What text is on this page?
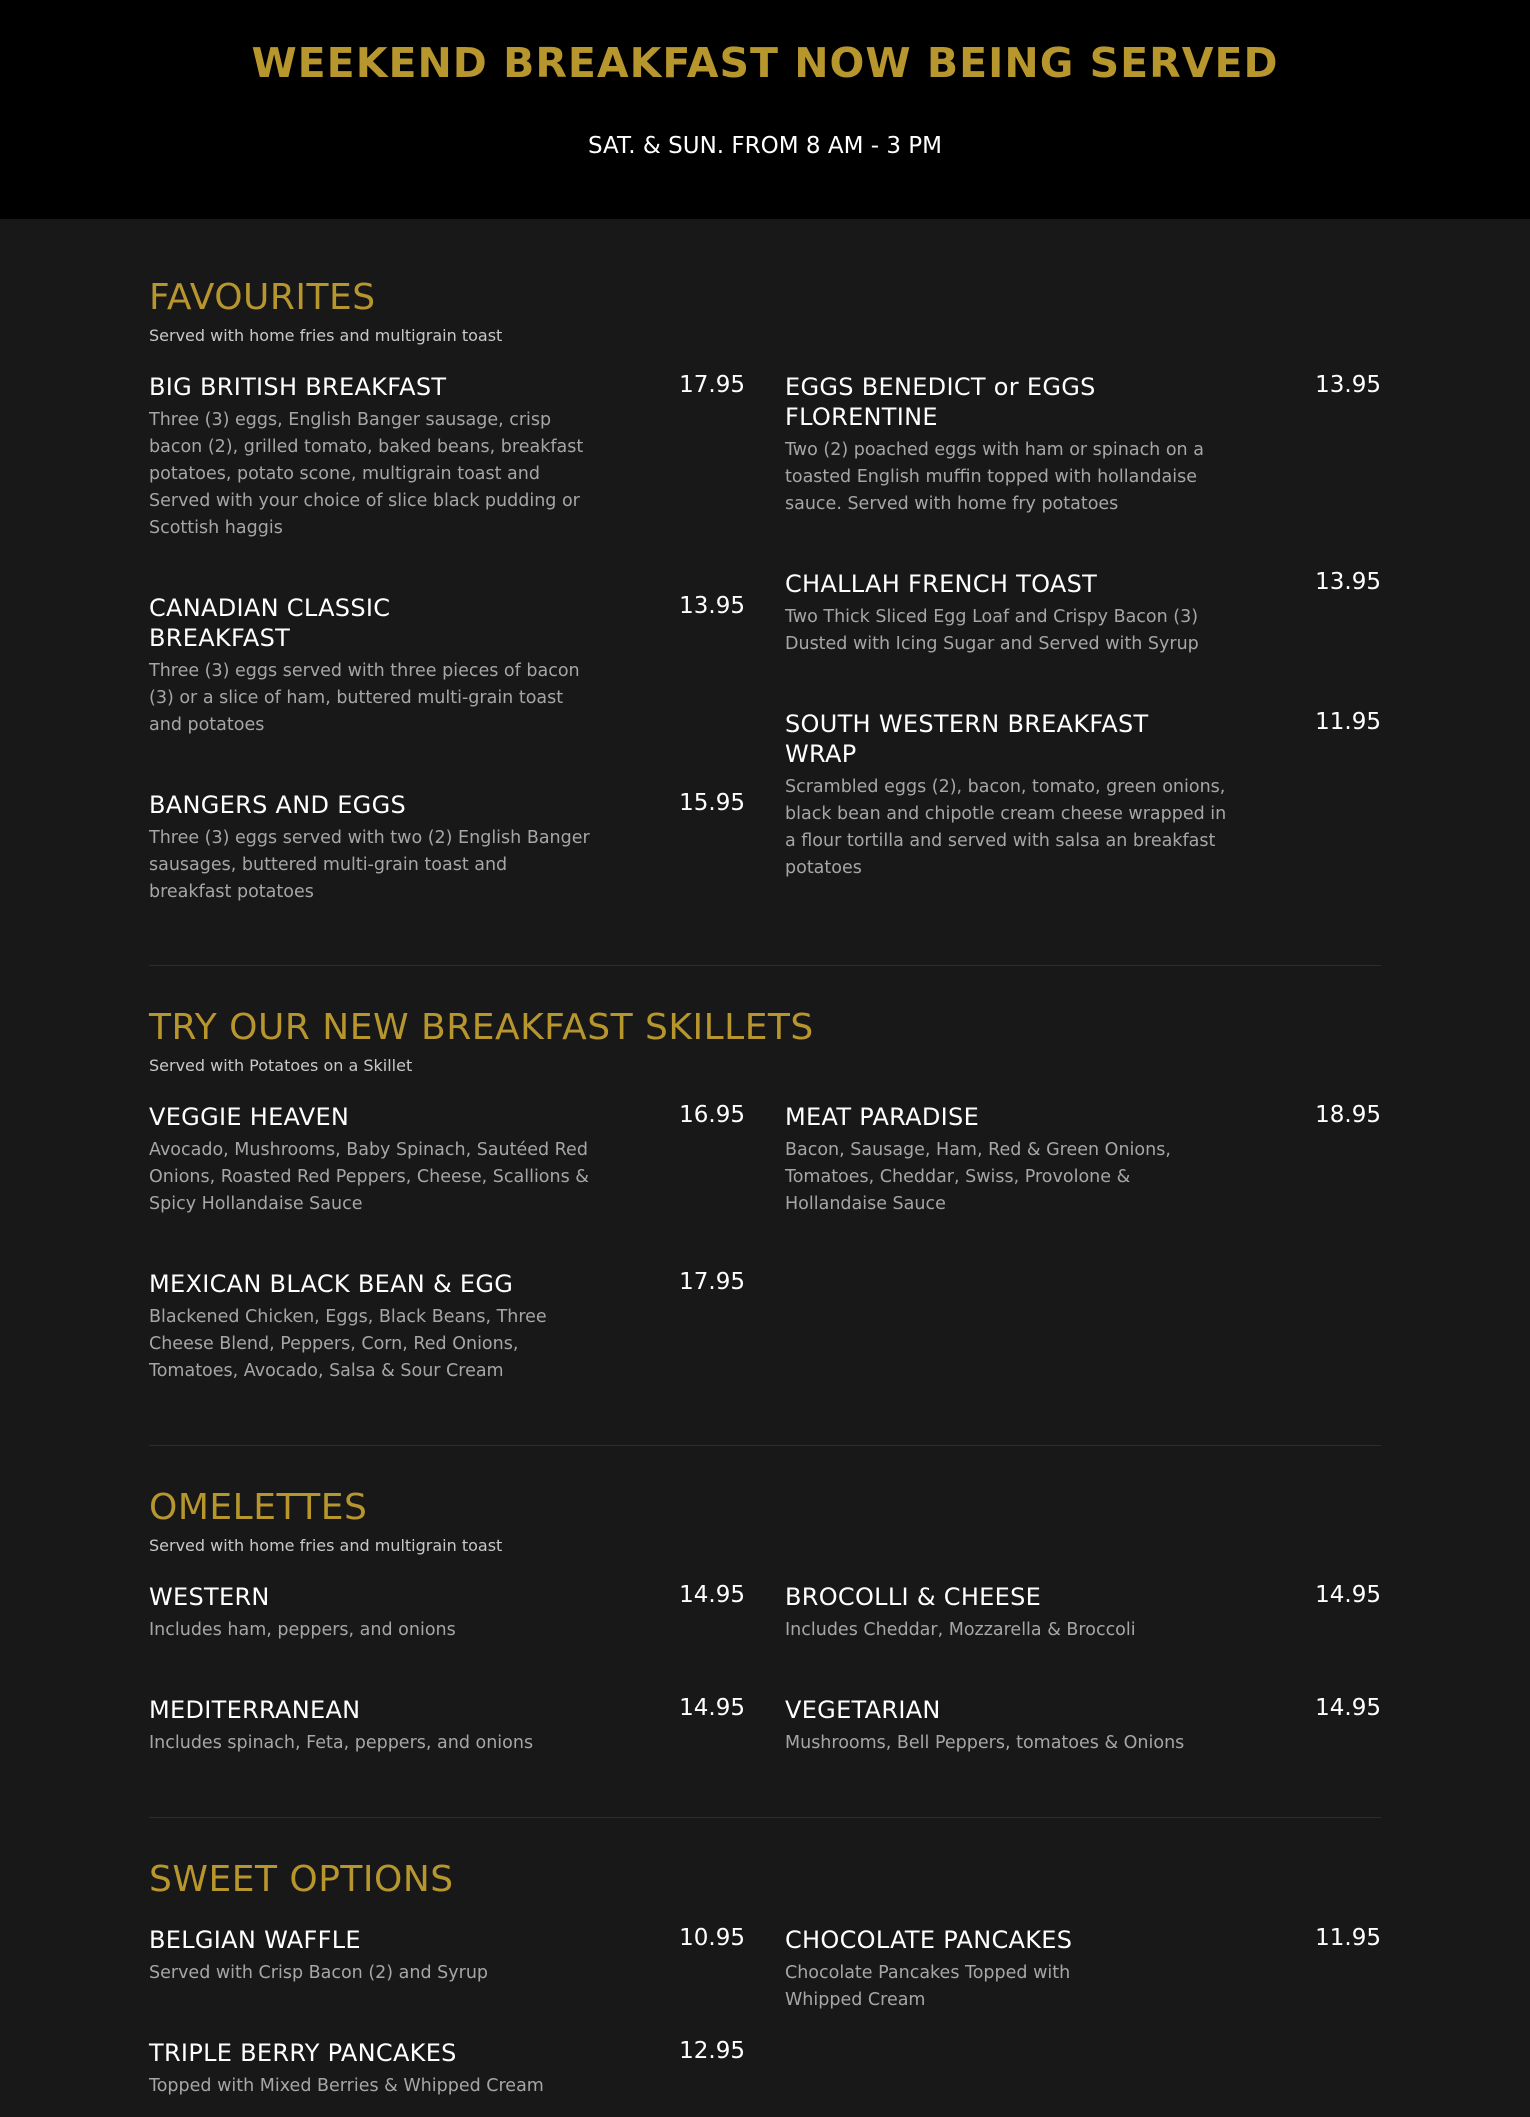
WEEKEND BREAKFAST NOW BEING SERVED
SAT. & SUN. FROM 8 AM - 3 PM
FAVOURITES
Served with home fries and multigrain toast
BIG BRITISH BREAKFAST	17.95
Three (3) eggs, English Banger sausage, crisp bacon (2), grilled tomato, baked beans, breakfast potatoes, potato scone, multigrain toast and Served with your choice of slice black pudding or Scottish haggis
EGGS BENEDICT or EGGS FLORENTINE
13.95
Two (2) poached eggs with ham or spinach on a toasted English muffin topped with hollandaise sauce. Served with home fry potatoes
CHALLAH FRENCH TOAST	13.95
Two Thick Sliced Egg Loaf and Crispy Bacon (3) Dusted with Icing Sugar and Served with Syrup
CANADIAN CLASSIC BREAKFAST
13.95
Three (3) eggs served with three pieces of bacon (3) or a slice of ham, buttered multi-grain toast and potatoes	SOUTH WESTERN BREAKFAST WRAP
11.95
Scrambled eggs (2), bacon, tomato, green onions, black bean and chipotle cream cheese wrapped in a flour tortilla and served with salsa an breakfast potatoes
BANGERS AND EGGS	15.95
Three (3) eggs served with two (2) English Banger sausages, buttered multi-grain toast and breakfast potatoes
TRY OUR NEW BREAKFAST SKILLETS
Served with Potatoes on a Skillet
VEGGIE HEAVEN	16.95
Avocado, Mushrooms, Baby Spinach, Sautéed Red Onions, Roasted Red Peppers, Cheese, Scallions & Spicy Hollandaise Sauce
MEAT PARADISE	18.95
Bacon, Sausage, Ham, Red & Green Onions, Tomatoes, Cheddar, Swiss, Provolone & Hollandaise Sauce
MEXICAN BLACK BEAN & EGG	17.95
Blackened Chicken, Eggs, Black Beans, Three Cheese Blend, Peppers, Corn, Red Onions, Tomatoes, Avocado, Salsa & Sour Cream
OMELETTES
Served with home fries and multigrain toast
WESTERN	14.95
Includes ham, peppers, and onions
BROCOLLI & CHEESE	14.95
Includes Cheddar, Mozzarella & Broccoli
MEDITERRANEAN	14.95
Includes spinach, Feta, peppers, and onions
VEGETARIAN	14.95
Mushrooms, Bell Peppers, tomatoes & Onions
SWEET OPTIONS
BELGIAN WAFFLE	10.95
Served with Crisp Bacon (2) and Syrup
CHOCOLATE PANCAKES	11.95
Chocolate Pancakes Topped with Whipped Cream
TRIPLE BERRY PANCAKES	12.95
Topped with Mixed Berries & Whipped Cream
